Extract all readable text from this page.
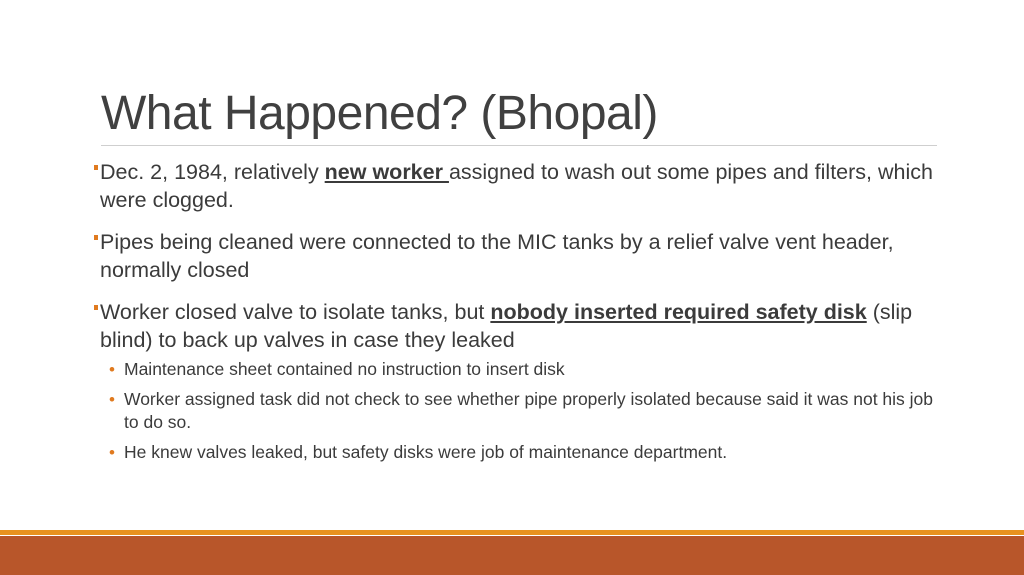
What Happened? (Bhopal)
Dec. 2, 1984, relatively new worker assigned to wash out some pipes and filters, which were clogged.
Pipes being cleaned were connected to the MIC tanks by a relief valve vent header, normally closed
Worker closed valve to isolate tanks, but nobody inserted required safety disk (slip blind) to back up valves in case they leaked
• Maintenance sheet contained no instruction to insert disk
• Worker assigned task did not check to see whether pipe properly isolated because said it was not his job to do so.
• He knew valves leaked, but safety disks were job of maintenance department.
